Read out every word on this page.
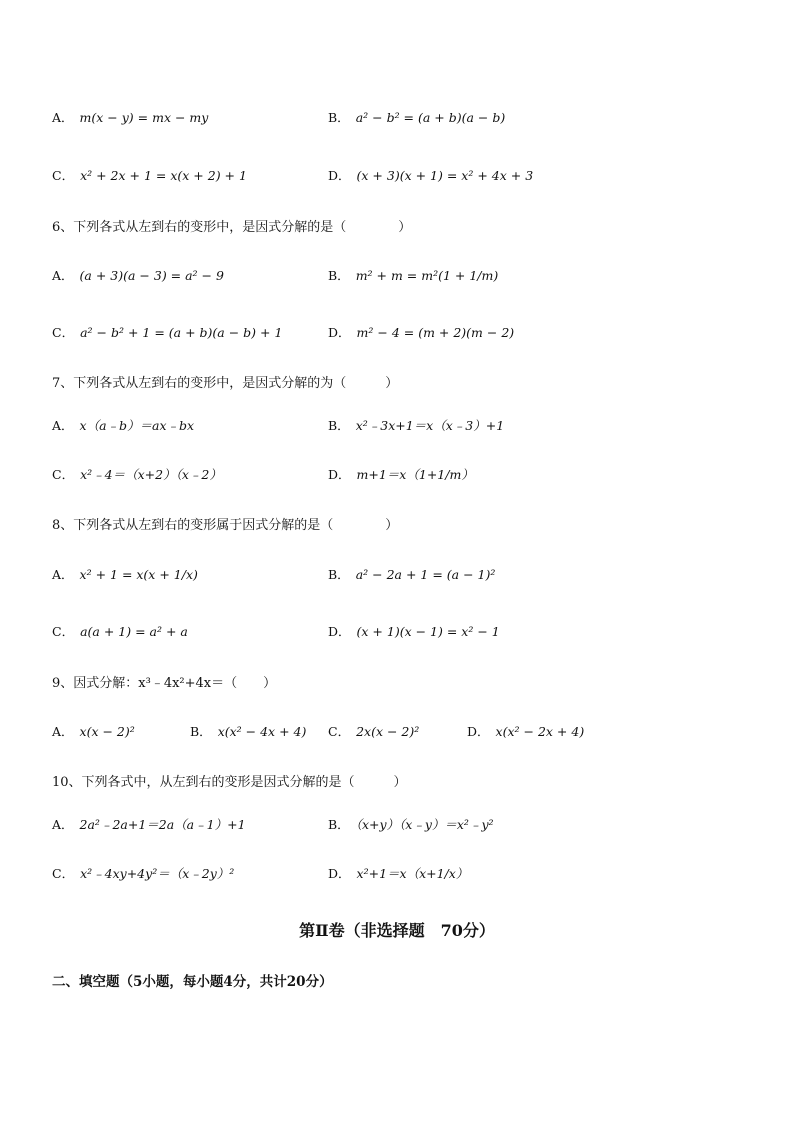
A． m(x − y) = mx − my	B． a² − b² = (a + b)(a − b)
C． x² + 2x + 1 = x(x + 2) + 1	D． (x + 3)(x + 1) = x² + 4x + 3
6、下列各式从左到右的变形中，是因式分解的是（　　　　）
A． (a + 3)(a − 3) = a² − 9	B． m² + m = m²(1 + 1/m)
C． a² − b² + 1 = (a + b)(a − b) + 1	D． m² − 4 = (m + 2)(m − 2)
7、下列各式从左到右的变形中，是因式分解的为（　　　）
A． x（a﹣b）＝ax﹣bx	B． x²﹣3x+1＝x（x﹣3）+1
C． x²﹣4＝（x+2）（x﹣2）	D． m+1＝x（1+1/m）
8、下列各式从左到右的变形属于因式分解的是（　　　　）
A． x² + 1 = x(x + 1/x)	B． a² − 2a + 1 = (a − 1)²
C． a(a + 1) = a² + a	D． (x + 1)(x − 1) = x² − 1
9、因式分解：x³﹣4x²+4x＝（　　）
A． x(x − 2)²	B． x(x² − 4x + 4) C． 2x(x − 2)²	D． x(x² − 2x + 4)
10、下列各式中，从左到右的变形是因式分解的是（　　　）
A． 2a²﹣2a+1＝2a（a﹣1）+1	B． （x+y）（x﹣y）＝x²﹣y²
C． x²﹣4xy+4y²＝（x﹣2y）²	D． x²+1＝x（x+1/x）
第Ⅱ卷（非选择题　70分）
二、填空题（5小题，每小题4分，共计20分）
